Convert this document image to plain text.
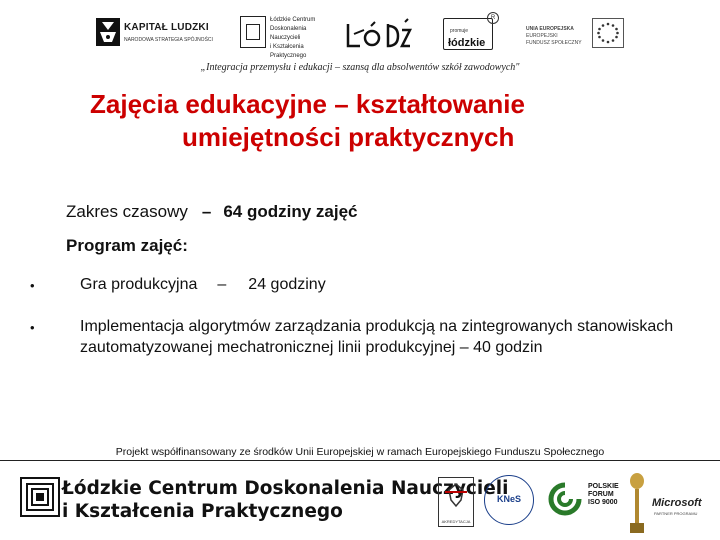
KAPITAŁ LUDZKI
NARODOWA STRATEGIA SPÓJNOŚCI
Łódzkie Centrum
Doskonalenia Nauczycieli
i Kształcenia Praktycznego
promuje
łódzkie
R
UNIA EUROPEJSKA
EUROPEJSKI
FUNDUSZ SPOŁECZNY
„Integracja przemysłu i edukacji – szansą dla absolwentów szkół zawodowych"
Zajęcia edukacyjne – kształtowanie
umiejętności praktycznych
Zakres czasowy – 64 godziny zajęć
Program zajęć:
•	Gra produkcyjna – 24 godziny
•	Implementacja algorytmów zarządzania produkcją na zintegrowanych stanowiskach zautomatyzowanej mechatronicznej linii produkcyjnej – 40 godzin
Projekt współfinansowany ze środków Unii Europejskiej w ramach Europejskiego Funduszu Społecznego
Łódzkie Centrum Doskonalenia Nauczycieli
i Kształcenia Praktycznego	AKREDYTACJA
KNeS
POLSKIE
FORUM
ISO 9000	Microsoft
PARTNER PROGRAMU
